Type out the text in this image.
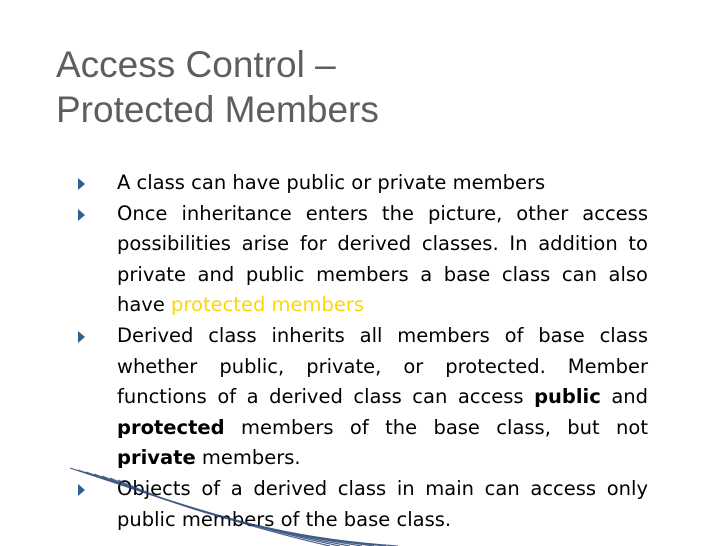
Access Control –
Protected Members
A class can have public or private members
Once inheritance enters the picture, other access possibilities arise for derived classes. In addition to private and public members a base class can also have protected members
Derived class inherits all members of base class whether public, private, or protected. Member functions of a derived class can access public and protected members of the base class, but not private members.
Objects of a derived class in main can access only public members of the base class.
